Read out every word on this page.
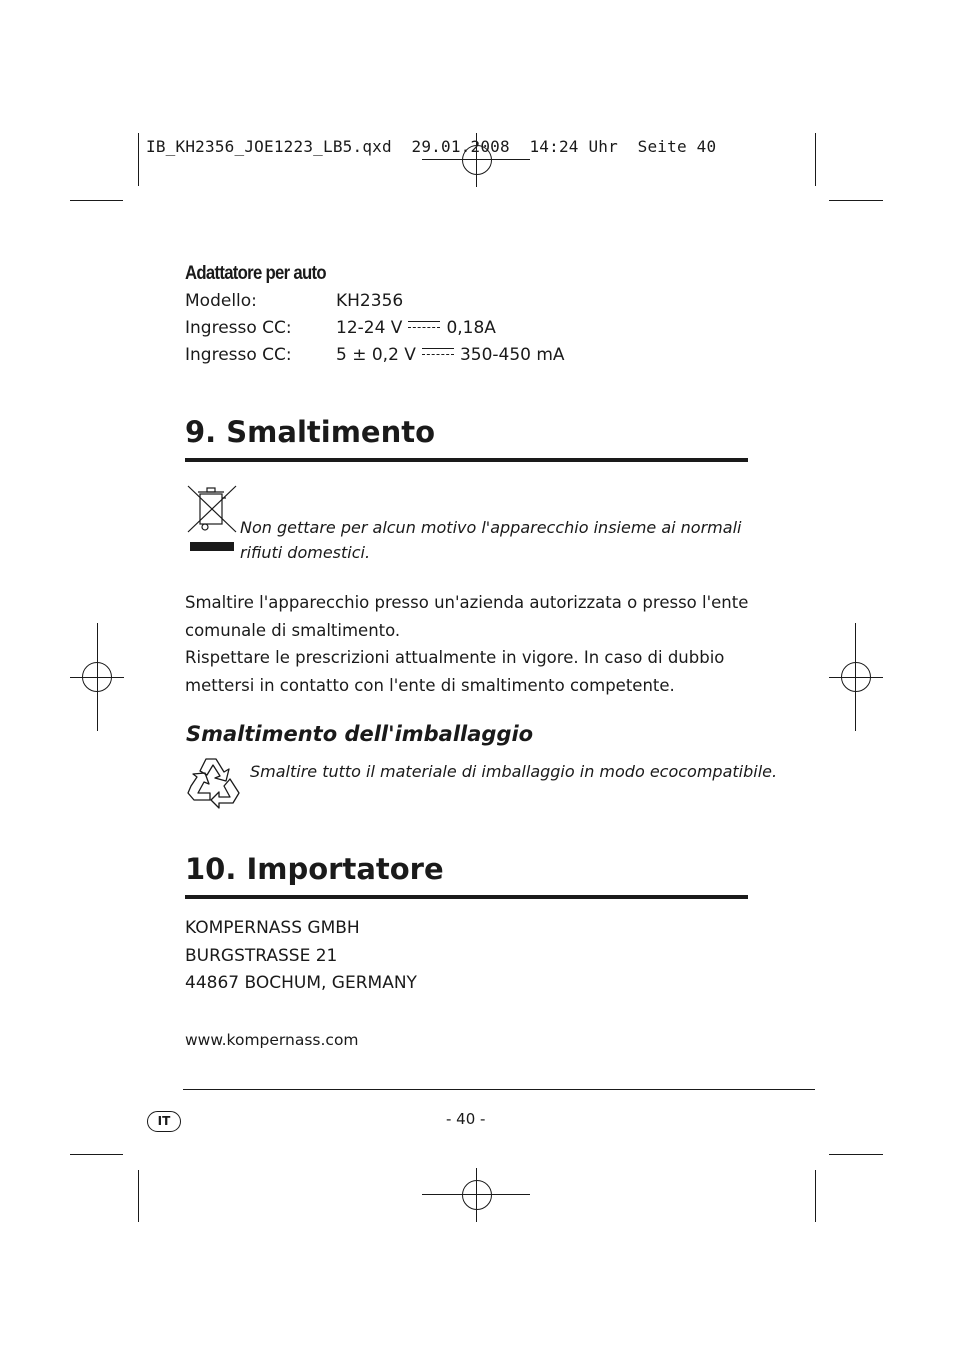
IB_KH2356_JOE1223_LB5.qxd  29.01.2008  14:24 Uhr  Seite 40
Adattatore per auto
Modello:	KH2356
Ingresso CC:	12-24 V	0,18A
Ingresso CC:	5 ± 0,2 V	350-450 mA
9. Smaltimento
Non gettare per alcun motivo l'apparecchio insieme ai normali
rifiuti domestici.
Smaltire l'apparecchio presso un'azienda autorizzata o presso l'ente
comunale di smaltimento.
Rispettare le prescrizioni attualmente in vigore. In caso di dubbio
mettersi in contatto con l'ente di smaltimento competente.
Smaltimento dell'imballaggio
Smaltire tutto il materiale di imballaggio in modo ecocompatibile.
10. Importatore
KOMPERNASS GMBH
BURGSTRASSE 21
44867 BOCHUM, GERMANY
www.kompernass.com
IT	- 40 -
